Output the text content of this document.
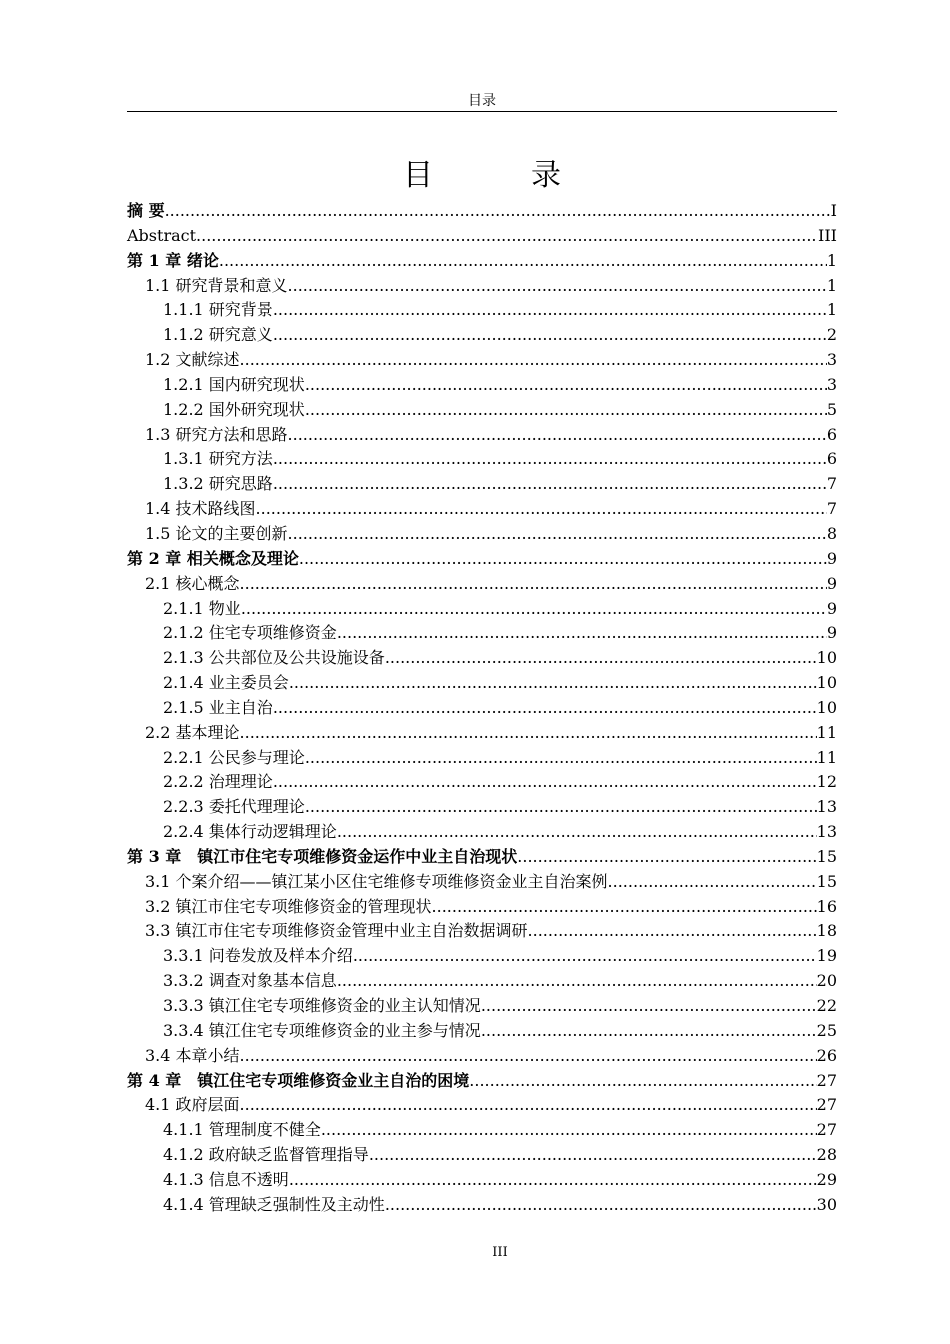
目录
目　录
摘 要 .....	I
Abstract .....	III
第 1 章 绪论 .....	1
1.1 研究背景和意义 .....	1
1.1.1 研究背景 .....	1
1.1.2 研究意义 .....	2
1.2 文献综述 .....	3
1.2.1 国内研究现状 .....	3
1.2.2 国外研究现状 .....	5
1.3 研究方法和思路 .....	6
1.3.1 研究方法 .....	6
1.3.2 研究思路 .....	7
1.4 技术路线图 .....	7
1.5 论文的主要创新 .....	8
第 2 章 相关概念及理论 .....	9
2.1 核心概念 .....	9
2.1.1 物业 .....	9
2.1.2 住宅专项维修资金 .....	9
2.1.3 公共部位及公共设施设备 .....	10
2.1.4 业主委员会 .....	10
2.1.5 业主自治 .....	10
2.2 基本理论 .....	11
2.2.1 公民参与理论 .....	11
2.2.2 治理理论 .....	12
2.2.3 委托代理理论 .....	13
2.2.4 集体行动逻辑理论 .....	13
第 3 章　镇江市住宅专项维修资金运作中业主自治现状 .....	15
3.1 个案介绍——镇江某小区住宅维修专项维修资金业主自治案例 .....	15
3.2 镇江市住宅专项维修资金的管理现状 .....	16
3.3 镇江市住宅专项维修资金管理中业主自治数据调研 .....	18
3.3.1 问卷发放及样本介绍 .....	19
3.3.2 调查对象基本信息 .....	20
3.3.3 镇江住宅专项维修资金的业主认知情况 .....	22
3.3.4 镇江住宅专项维修资金的业主参与情况 .....	25
3.4 本章小结 .....	26
第 4 章　镇江住宅专项维修资金业主自治的困境 .....	27
4.1 政府层面 .....	27
4.1.1 管理制度不健全 .....	27
4.1.2 政府缺乏监督管理指导 .....	28
4.1.3 信息不透明 .....	29
4.1.4 管理缺乏强制性及主动性 .....	30
III
